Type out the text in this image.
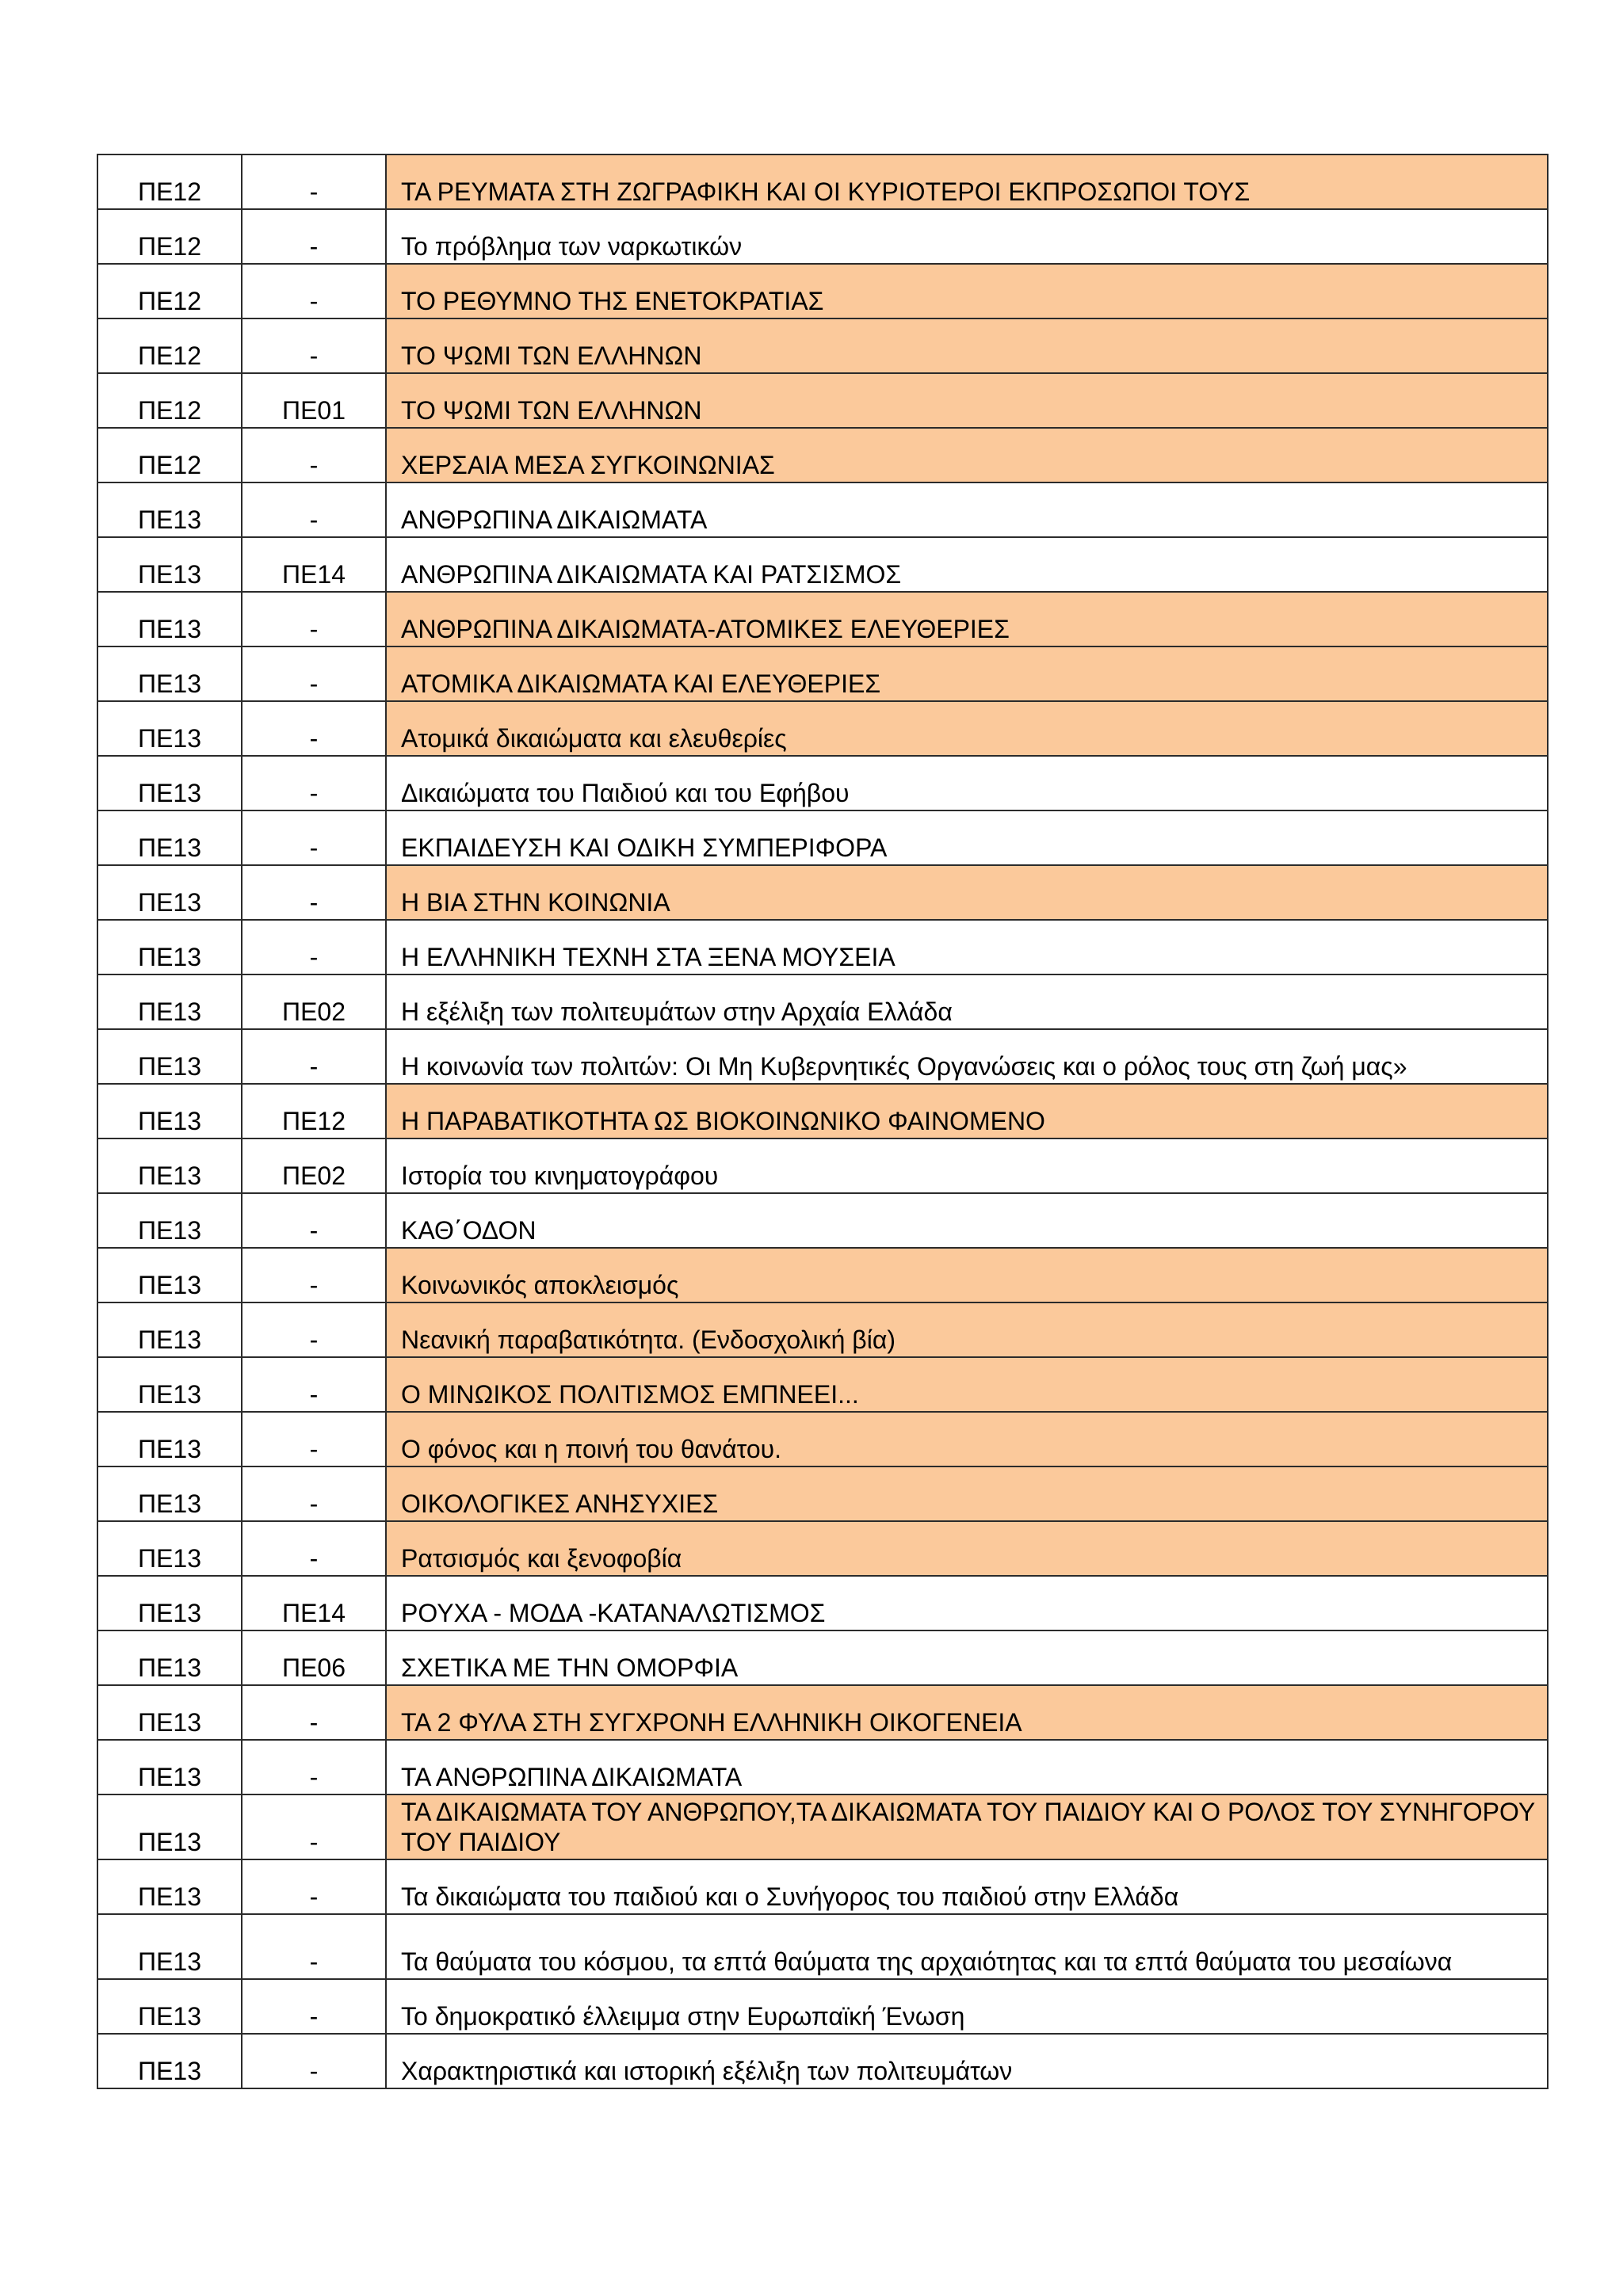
ΠΕ12	-	ΤΑ ΡΕΥΜΑΤΑ ΣΤΗ ΖΩΓΡΑΦΙΚΗ ΚΑΙ ΟΙ ΚΥΡΙΟΤΕΡΟΙ ΕΚΠΡΟΣΩΠΟΙ ΤΟΥΣ
ΠΕ12	-	Το πρόβλημα των ναρκωτικών
ΠΕ12	-	ΤΟ ΡΕΘΥΜΝΟ ΤΗΣ ΕΝΕΤΟΚΡΑΤΙΑΣ
ΠΕ12	-	ΤΟ ΨΩΜΙ ΤΩΝ ΕΛΛΗΝΩΝ
ΠΕ12	ΠΕ01	ΤΟ ΨΩΜΙ ΤΩΝ ΕΛΛΗΝΩΝ
ΠΕ12	-	ΧΕΡΣΑΙΑ ΜΕΣΑ ΣΥΓΚΟΙΝΩΝΙΑΣ
ΠΕ13	-	ΑΝΘΡΩΠΙΝΑ ΔΙΚΑΙΩΜΑΤΑ
ΠΕ13	ΠΕ14	ΑΝΘΡΩΠΙΝΑ ΔΙΚΑΙΩΜΑΤΑ ΚΑΙ ΡΑΤΣΙΣΜΟΣ
ΠΕ13	-	ΑΝΘΡΩΠΙΝΑ ΔΙΚΑΙΩΜΑΤΑ-ΑΤΟΜΙΚΕΣ ΕΛΕΥΘΕΡΙΕΣ
ΠΕ13	-	ΑΤΟΜΙΚΑ ΔΙΚΑΙΩΜΑΤΑ ΚΑΙ ΕΛΕΥΘΕΡΙΕΣ
ΠΕ13	-	Ατομικά δικαιώματα και ελευθερίες
ΠΕ13	-	Δικαιώματα του Παιδιού και του Εφήβου
ΠΕ13	-	ΕΚΠΑΙΔΕΥΣΗ ΚΑΙ ΟΔΙΚΗ ΣΥΜΠΕΡΙΦΟΡΑ
ΠΕ13	-	Η ΒΙΑ ΣΤΗΝ ΚΟΙΝΩΝΙΑ
ΠΕ13	-	Η ΕΛΛΗΝΙΚΗ ΤΕΧΝΗ ΣΤΑ ΞΕΝΑ ΜΟΥΣΕΙΑ
ΠΕ13	ΠΕ02	Η εξέλιξη των πολιτευμάτων στην Αρχαία Ελλάδα
ΠΕ13	-	Η κοινωνία των πολιτών: Οι Μη Κυβερνητικές Οργανώσεις και ο ρόλος τους στη ζωή μας»
ΠΕ13	ΠΕ12	Η ΠΑΡΑΒΑΤΙΚΟΤΗΤΑ ΩΣ ΒΙΟΚΟΙΝΩΝΙΚΟ ΦΑΙΝΟΜΕΝΟ
ΠΕ13	ΠΕ02	Ιστορία του κινηματογράφου
ΠΕ13	-	ΚΑΘ΄ΟΔΟΝ
ΠΕ13	-	Κοινωνικός αποκλεισμός
ΠΕ13	-	Νεανική παραβατικότητα. (Ενδοσχολική βία)
ΠΕ13	-	Ο ΜΙΝΩΙΚΟΣ ΠΟΛΙΤΙΣΜΟΣ ΕΜΠΝΕΕΙ...
ΠΕ13	-	Ο φόνος και η ποινή του θανάτου.
ΠΕ13	-	ΟΙΚΟΛΟΓΙΚΕΣ ΑΝΗΣΥΧΙΕΣ
ΠΕ13	-	Ρατσισμός και ξενοφοβία
ΠΕ13	ΠΕ14	ΡΟΥΧΑ - ΜΟΔΑ -ΚΑΤΑΝΑΛΩΤΙΣΜΟΣ
ΠΕ13	ΠΕ06	ΣΧΕΤΙΚΑ ΜΕ ΤΗΝ ΟΜΟΡΦΙΑ
ΠΕ13	-	ΤΑ 2 ΦΥΛΑ ΣΤΗ ΣΥΓΧΡΟΝΗ ΕΛΛΗΝΙΚΗ ΟΙΚΟΓΕΝΕΙΑ
ΠΕ13	-	ΤΑ ΑΝΘΡΩΠΙΝΑ ΔΙΚΑΙΩΜΑΤΑ
ΠΕ13	-	ΤΑ ΔΙΚΑΙΩΜΑΤΑ ΤΟΥ ΑΝΘΡΩΠΟΥ,ΤΑ ΔΙΚΑΙΩΜΑΤΑ ΤΟΥ ΠΑΙΔΙΟΥ ΚΑΙ Ο ΡΟΛΟΣ ΤΟΥ ΣΥΝΗΓΟΡΟΥ ΤΟΥ ΠΑΙΔΙΟΥ
ΠΕ13	-	Τα δικαιώματα του παιδιού και ο Συνήγορος του παιδιού στην Ελλάδα
ΠΕ13	-	Τα θαύματα του κόσμου, τα επτά θαύματα της αρχαιότητας και τα επτά θαύματα του μεσαίωνα
ΠΕ13	-	Το δημοκρατικό έλλειμμα στην Ευρωπαϊκή Ένωση
ΠΕ13	-	Χαρακτηριστικά και ιστορική εξέλιξη των πολιτευμάτων
